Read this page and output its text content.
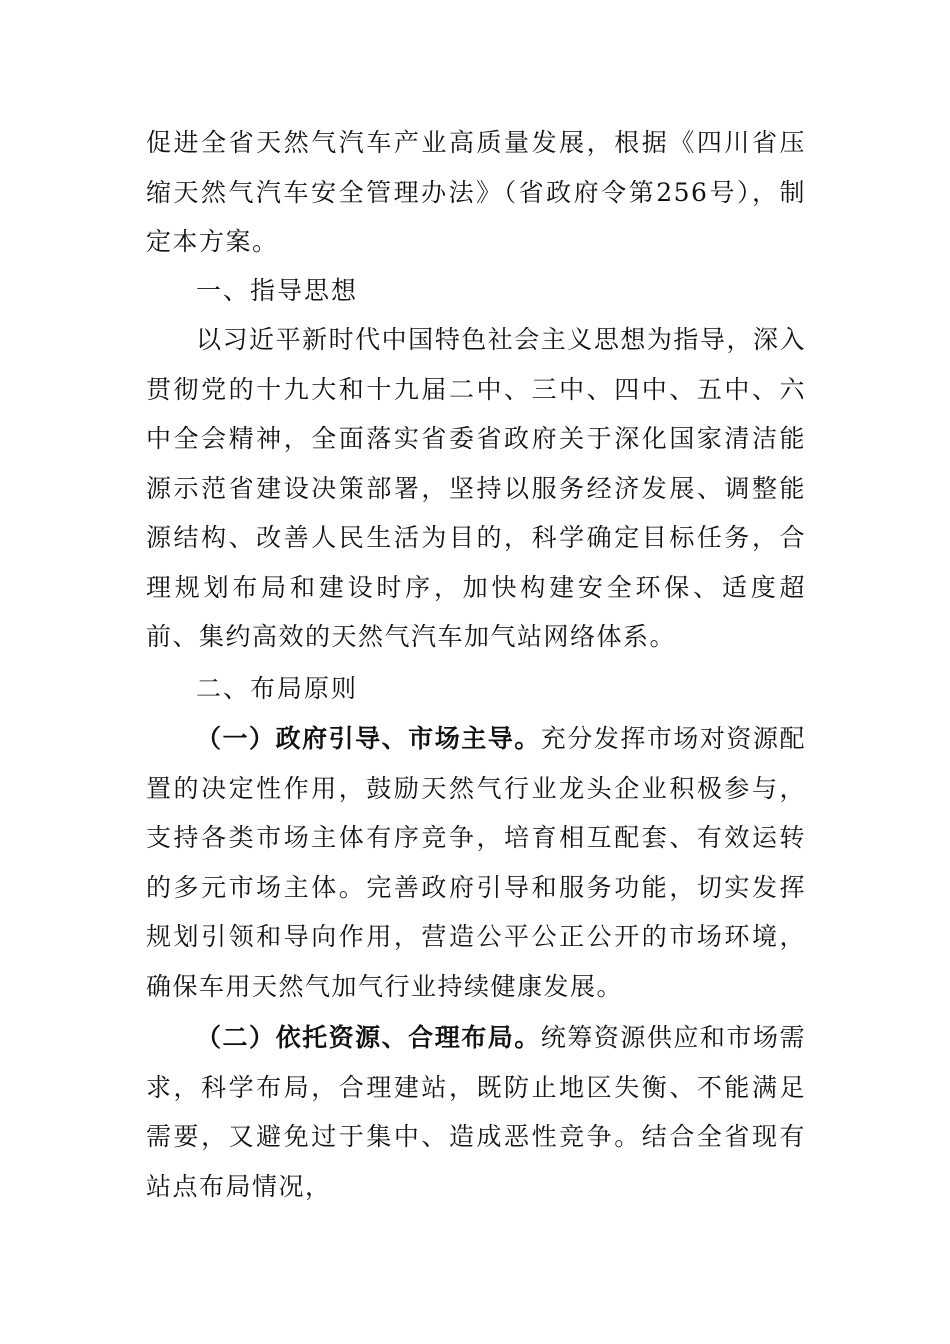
促进全省天然气汽车产业高质量发展，根据《四川省压缩天然气汽车安全管理办法》（省政府令第256号），制定本方案。

一、指导思想

以习近平新时代中国特色社会主义思想为指导，深入贯彻党的十九大和十九届二中、三中、四中、五中、六中全会精神，全面落实省委省政府关于深化国家清洁能源示范省建设决策部署，坚持以服务经济发展、调整能源结构、改善人民生活为目的，科学确定目标任务，合理规划布局和建设时序，加快构建安全环保、适度超前、集约高效的天然气汽车加气站网络体系。

二、布局原则

（一）政府引导、市场主导。充分发挥市场对资源配置的决定性作用，鼓励天然气行业龙头企业积极参与，支持各类市场主体有序竞争，培育相互配套、有效运转的多元市场主体。完善政府引导和服务功能，切实发挥规划引领和导向作用，营造公平公正公开的市场环境，确保车用天然气加气行业持续健康发展。

（二）依托资源、合理布局。统筹资源供应和市场需求，科学布局，合理建站，既防止地区失衡、不能满足需要，又避免过于集中、造成恶性竞争。结合全省现有站点布局情况，
